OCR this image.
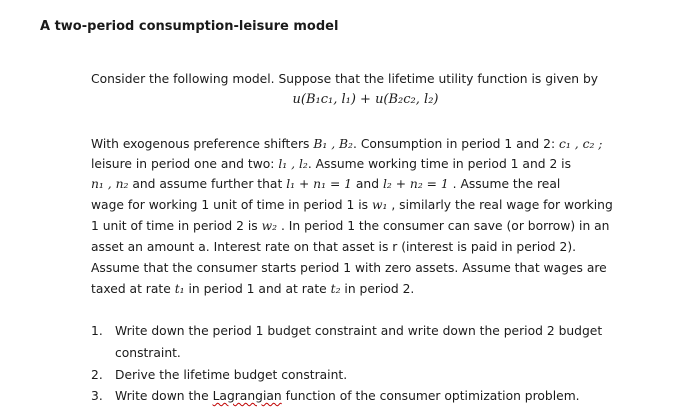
A two-period consumption-leisure model
Consider the following model. Suppose that the lifetime utility function is given by
u(B₁c₁, l₁) + u(B₂c₂, l₂)
With exogenous preference shifters B₁ , B₂. Consumption in period 1 and 2: c₁ , c₂ ;
leisure in period one and two: l₁ , l₂. Assume working time in period 1 and 2 is
n₁ , n₂ and assume further that l₁ + n₁ = 1 and l₂ + n₂ = 1 . Assume the real
wage for working 1 unit of time in period 1 is w₁ , similarly the real wage for working
1 unit of time in period 2 is w₂ . In period 1 the consumer can save (or borrow) in an
asset an amount a. Interest rate on that asset is r (interest is paid in period 2).
Assume that the consumer starts period 1 with zero assets. Assume that wages are
taxed at rate t₁ in period 1 and at rate t₂ in period 2.
1. Write down the period 1 budget constraint and write down the period 2 budget
constraint.
2. Derive the lifetime budget constraint.
3. Write down the Lagrangian function of the consumer optimization problem.
